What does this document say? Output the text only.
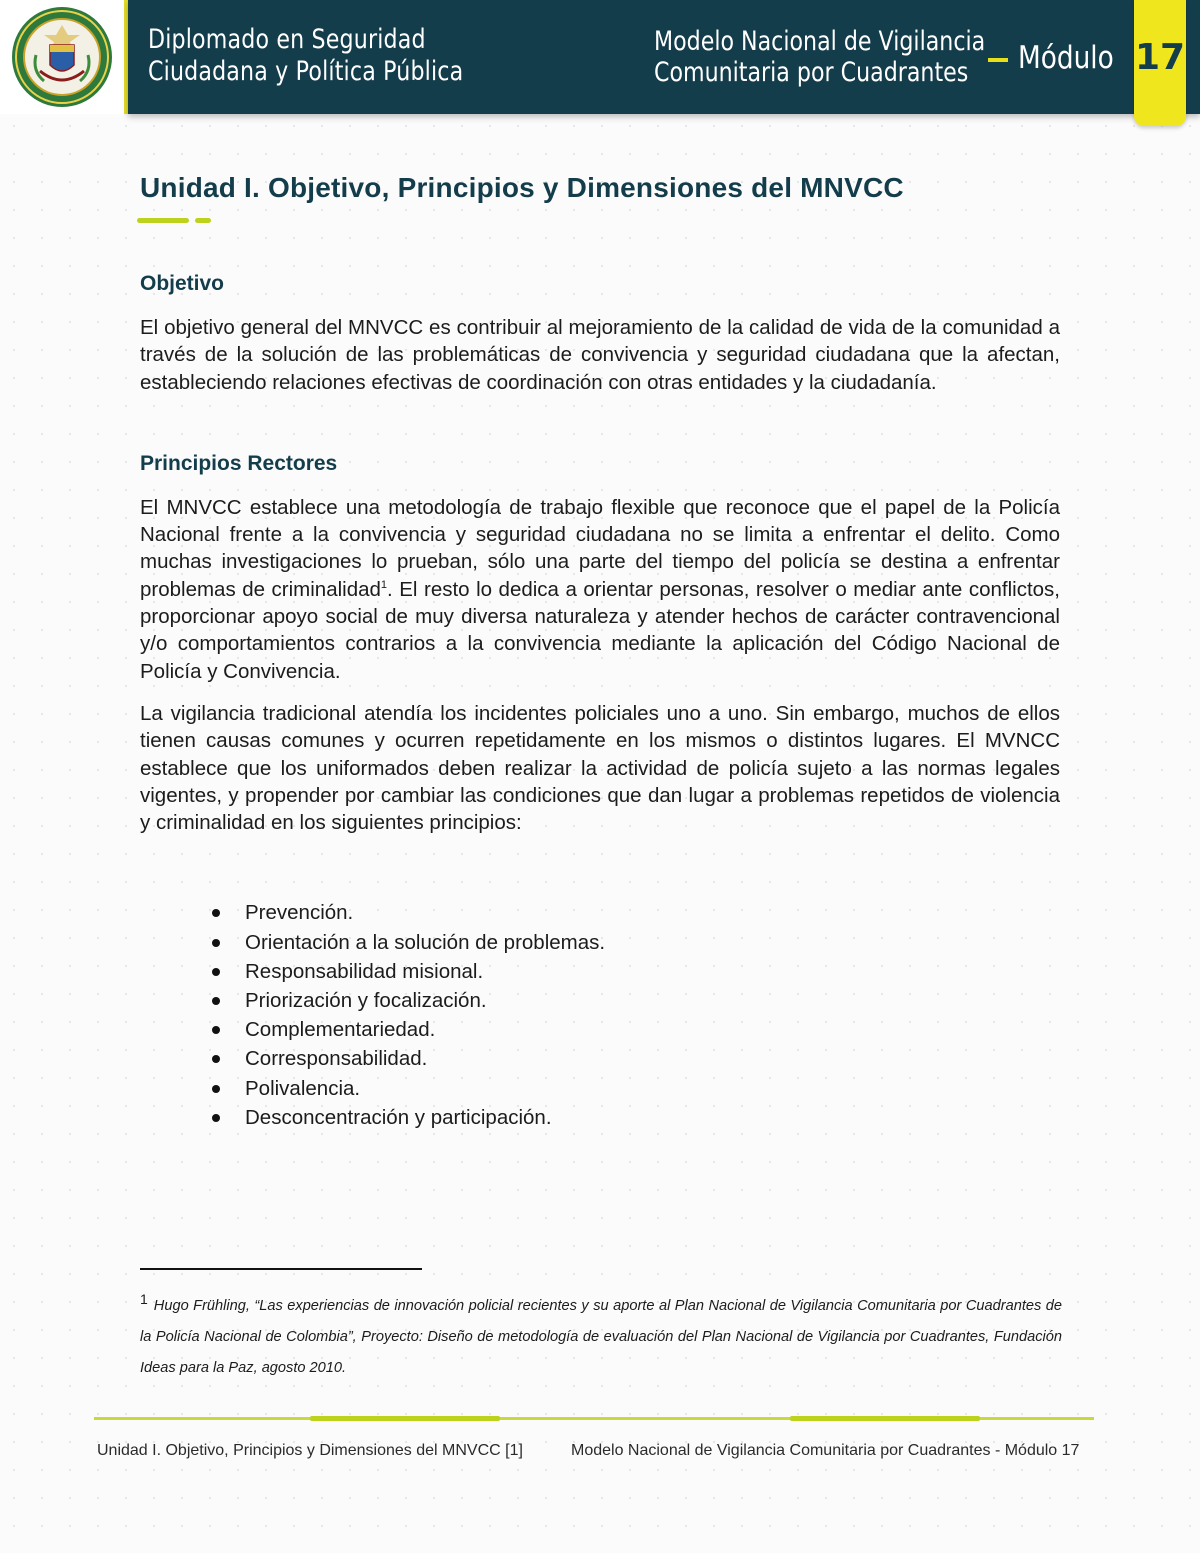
Diplomado en Seguridad
Ciudadana y Política Pública
Modelo Nacional de Vigilancia
Comunitaria por Cuadrantes	Módulo 17
Unidad I. Objetivo, Principios y Dimensiones del MNVCC
Objetivo

El objetivo general del MNVCC es contribuir al mejoramiento de la calidad de vida de la comunidad a través de la solución de las problemáticas de convivencia y seguridad ciudadana que la afectan, estableciendo relaciones efectivas de coordinación con otras entidades y la ciudadanía.

Principios Rectores

El MNVCC establece una metodología de trabajo flexible que reconoce que el papel de la Policía Nacional frente a la convivencia y seguridad ciudadana no se limita a enfrentar el delito. Como muchas investigaciones lo prueban, sólo una parte del tiempo del policía se destina a enfrentar problemas de criminalidad$^1$. El resto lo dedica a orientar personas, resolver o mediar ante conflictos, proporcionar apoyo social de muy diversa naturaleza y atender hechos de carácter contravencional y/o comportamientos contrarios a la convivencia mediante la aplicación del Código Nacional de Policía y Convivencia.

La vigilancia tradicional atendía los incidentes policiales uno a uno. Sin embargo, muchos de ellos tienen causas comunes y ocurren repetidamente en los mismos o distintos lugares. El MVNCC establece que los uniformados deben realizar la actividad de policía sujeto a las normas legales vigentes, y propender por cambiar las condiciones que dan lugar a problemas repetidos de violencia y criminalidad en los siguientes principios:

Prevención.
Orientación a la solución de problemas.
Responsabilidad misional.
Priorización y focalización.
Complementariedad.
Corresponsabilidad.
Polivalencia.
Desconcentración y participación.
1 Hugo Frühling, “Las experiencias de innovación policial recientes y su aporte al Plan Nacional de Vigilancia Comunitaria por Cuadrantes de la Policía Nacional de Colombia”, Proyecto: Diseño de metodología de evaluación del Plan Nacional de Vigilancia por Cuadrantes, Fundación Ideas para la Paz, agosto 2010.
Unidad I. Objetivo, Principios y Dimensiones del MNVCC [1]	Modelo Nacional de Vigilancia Comunitaria por Cuadrantes - Módulo 17
